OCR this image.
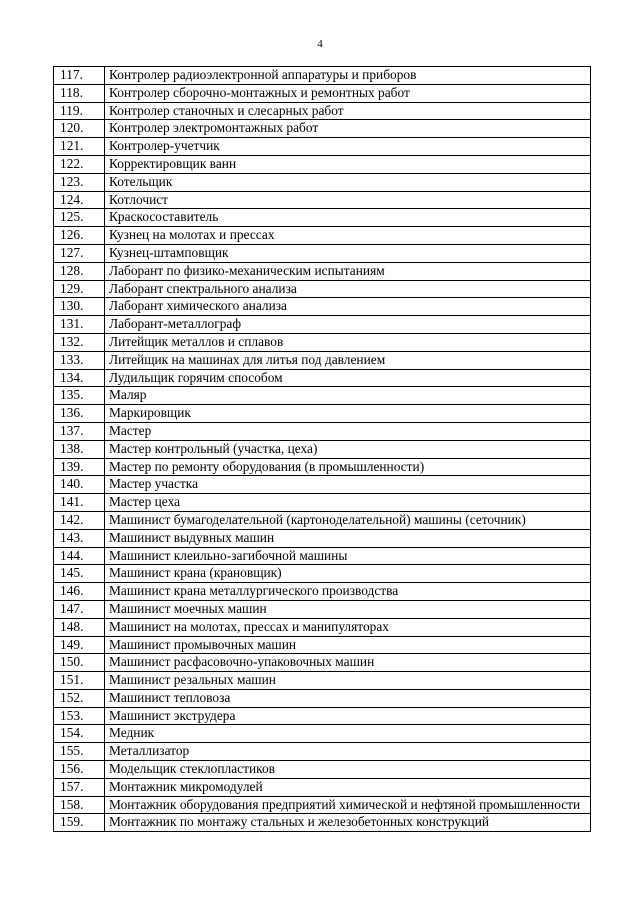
4
117.	Контролер радиоэлектронной аппаратуры и приборов
118.	Контролер сборочно-монтажных и ремонтных работ
119.	Контролер станочных и слесарных работ
120.	Контролер электромонтажных работ
121.	Контролер-учетчик
122.	Корректировщик ванн
123.	Котельщик
124.	Котлочист
125.	Краскосоставитель
126.	Кузнец на молотах и прессах
127.	Кузнец-штамповщик
128.	Лаборант по физико-механическим испытаниям
129.	Лаборант спектрального анализа
130.	Лаборант химического анализа
131.	Лаборант-металлограф
132.	Литейщик металлов и сплавов
133.	Литейщик на машинах для литья под давлением
134.	Лудильщик горячим способом
135.	Маляр
136.	Маркировщик
137.	Мастер
138.	Мастер контрольный (участка, цеха)
139.	Мастер по ремонту оборудования (в промышленности)
140.	Мастер участка
141.	Мастер цеха
142.	Машинист бумагоделательной (картоноделательной) машины (сеточник)
143.	Машинист выдувных машин
144.	Машинист клеильно-загибочной машины
145.	Машинист крана (крановщик)
146.	Машинист крана металлургического производства
147.	Машинист моечных машин
148.	Машинист на молотах, прессах и манипуляторах
149.	Машинист промывочных машин
150.	Машинист расфасовочно-упаковочных машин
151.	Машинист резальных машин
152.	Машинист тепловоза
153.	Машинист экструдера
154.	Медник
155.	Металлизатор
156.	Модельщик стеклопластиков
157.	Монтажник микромодулей
158.	Монтажник оборудования предприятий химической и нефтяной промышленности
159.	Монтажник по монтажу стальных и железобетонных конструкций
